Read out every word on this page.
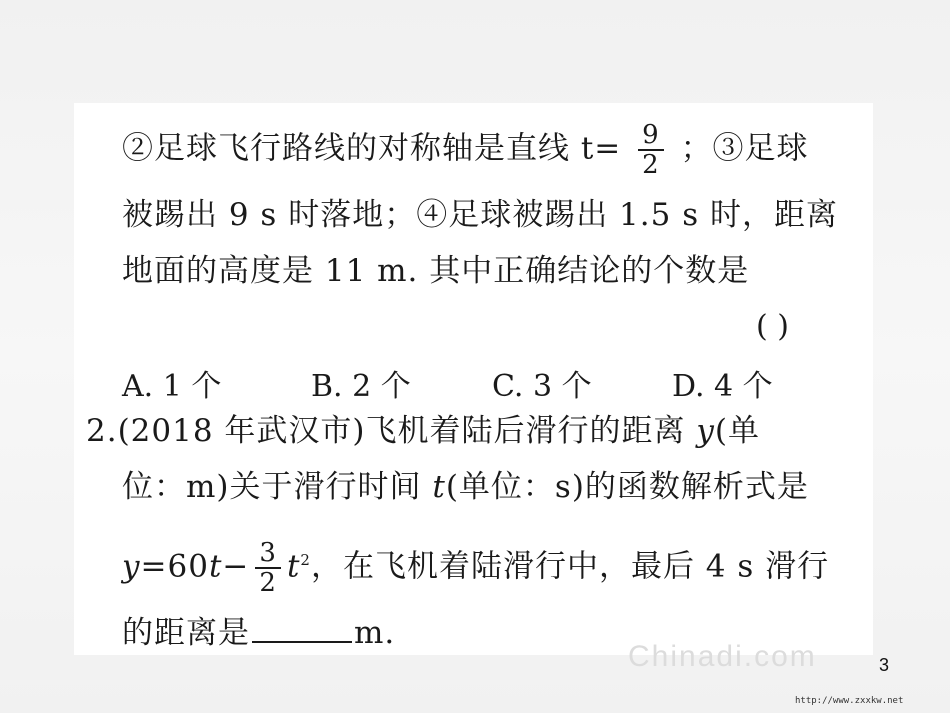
②足球飞行路线的对称轴是直线 $t= \frac{9}{2}$ ；③足球
被踢出 9 s 时落地；④足球被踢出 1.5 s 时，距离
地面的高度是 11 m. 其中正确结论的个数是
( )
A. 1 个	B. 2 个	C. 3 个	D. 4 个
2.(2018 年武汉市)飞机着陆后滑行的距离 y(单
位：m)关于滑行时间 t(单位：s)的函数解析式是
$y=60t- \frac{3}{2} t^2$，在飞机着陆滑行中，最后 4 s 滑行
的距离是	m.
Chinadi.com	3
http://www.zxxkw.net
